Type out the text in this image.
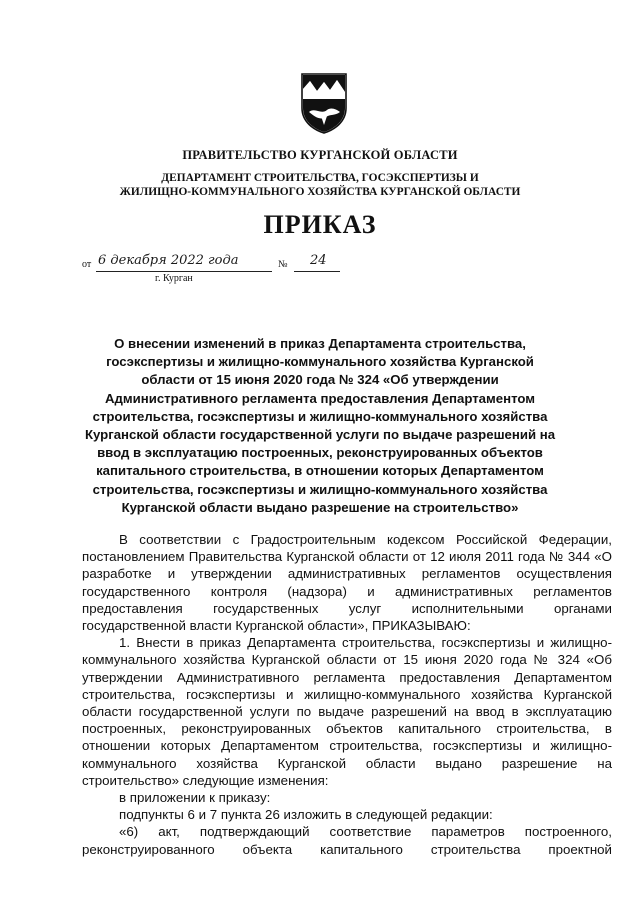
ПРАВИТЕЛЬСТВО КУРГАНСКОЙ ОБЛАСТИ
ДЕПАРТАМЕНТ СТРОИТЕЛЬСТВА, ГОСЭКСПЕРТИЗЫ И
ЖИЛИЩНО-КОММУНАЛЬНОГО ХОЗЯЙСТВА КУРГАНСКОЙ ОБЛАСТИ
ПРИКАЗ
от 6 декабря 2022 года	№ 24
г. Курган
О внесении изменений в приказ Департамента строительства, госэкспертизы и жилищно-коммунального хозяйства Курганской области от 15 июня 2020 года № 324 «Об утверждении Административного регламента предоставления Департаментом строительства, госэкспертизы и жилищно-коммунального хозяйства Курганской области государственной услуги по выдаче разрешений на ввод в эксплуатацию построенных, реконструированных объектов капитального строительства, в отношении которых Департаментом строительства, госэкспертизы и жилищно-коммунального хозяйства Курганской области выдано разрешение на строительство»

В соответствии с Градостроительным кодексом Российской Федерации, постановлением Правительства Курганской области от 12 июля 2011 года № 344 «О разработке и утверждении административных регламентов осуществления государственного контроля (надзора) и административных регламентов предоставления государственных услуг исполнительными органами государственной власти Курганской области», ПРИКАЗЫВАЮ:

1. Внести в приказ Департамента строительства, госэкспертизы и жилищно-коммунального хозяйства Курганской области от 15 июня 2020 года № 324 «Об утверждении Административного регламента предоставления Департаментом строительства, госэкспертизы и жилищно-коммунального хозяйства Курганской области государственной услуги по выдаче разрешений на ввод в эксплуатацию построенных, реконструированных объектов капитального строительства, в отношении которых Департаментом строительства, госэкспертизы и жилищно-коммунального хозяйства Курганской области выдано разрешение на строительство» следующие изменения:

в приложении к приказу:

подпункты 6 и 7 пункта 26 изложить в следующей редакции:

«6) акт, подтверждающий соответствие параметров построенного, реконструированного объекта капитального строительства проектной
